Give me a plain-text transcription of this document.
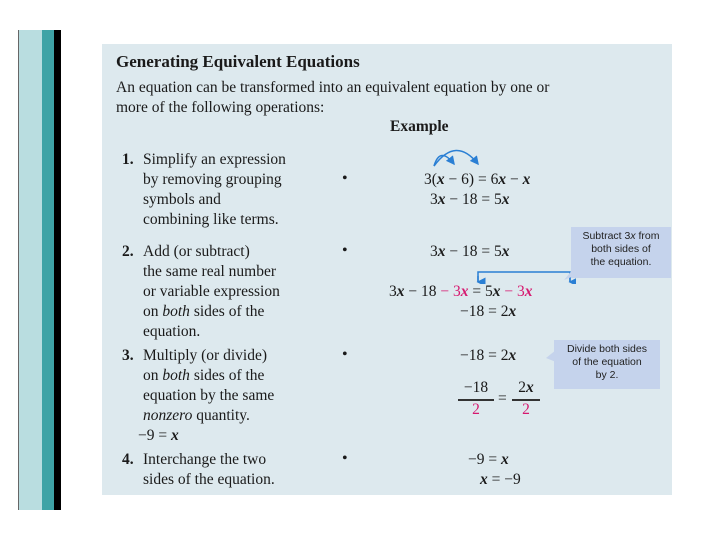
Generating Equivalent Equations
An equation can be transformed into an equivalent equation by one or
more of the following operations:
Example
1. Simplify an expression
by removing grouping
symbols and
combining like terms.
•
2. Add (or subtract)
the same real number
or variable expression
on both sides of the
equation.
•
3. Multiply (or divide)
on both sides of the
equation by the same
nonzero quantity.
−9 = x
•
4. Interchange the two
sides of the equation.
•
3(x − 6) = 6x − x
3x − 18 = 5x
3x − 18 = 5x
3x − 18 − 3x = 5x − 3x
−18 = 2x
−18 = 2x
−18
2
=
2x
2
−9 = x
x = −9
Subtract 3x from
both sides of
the equation.
Divide both sides
of the equation
by 2.
